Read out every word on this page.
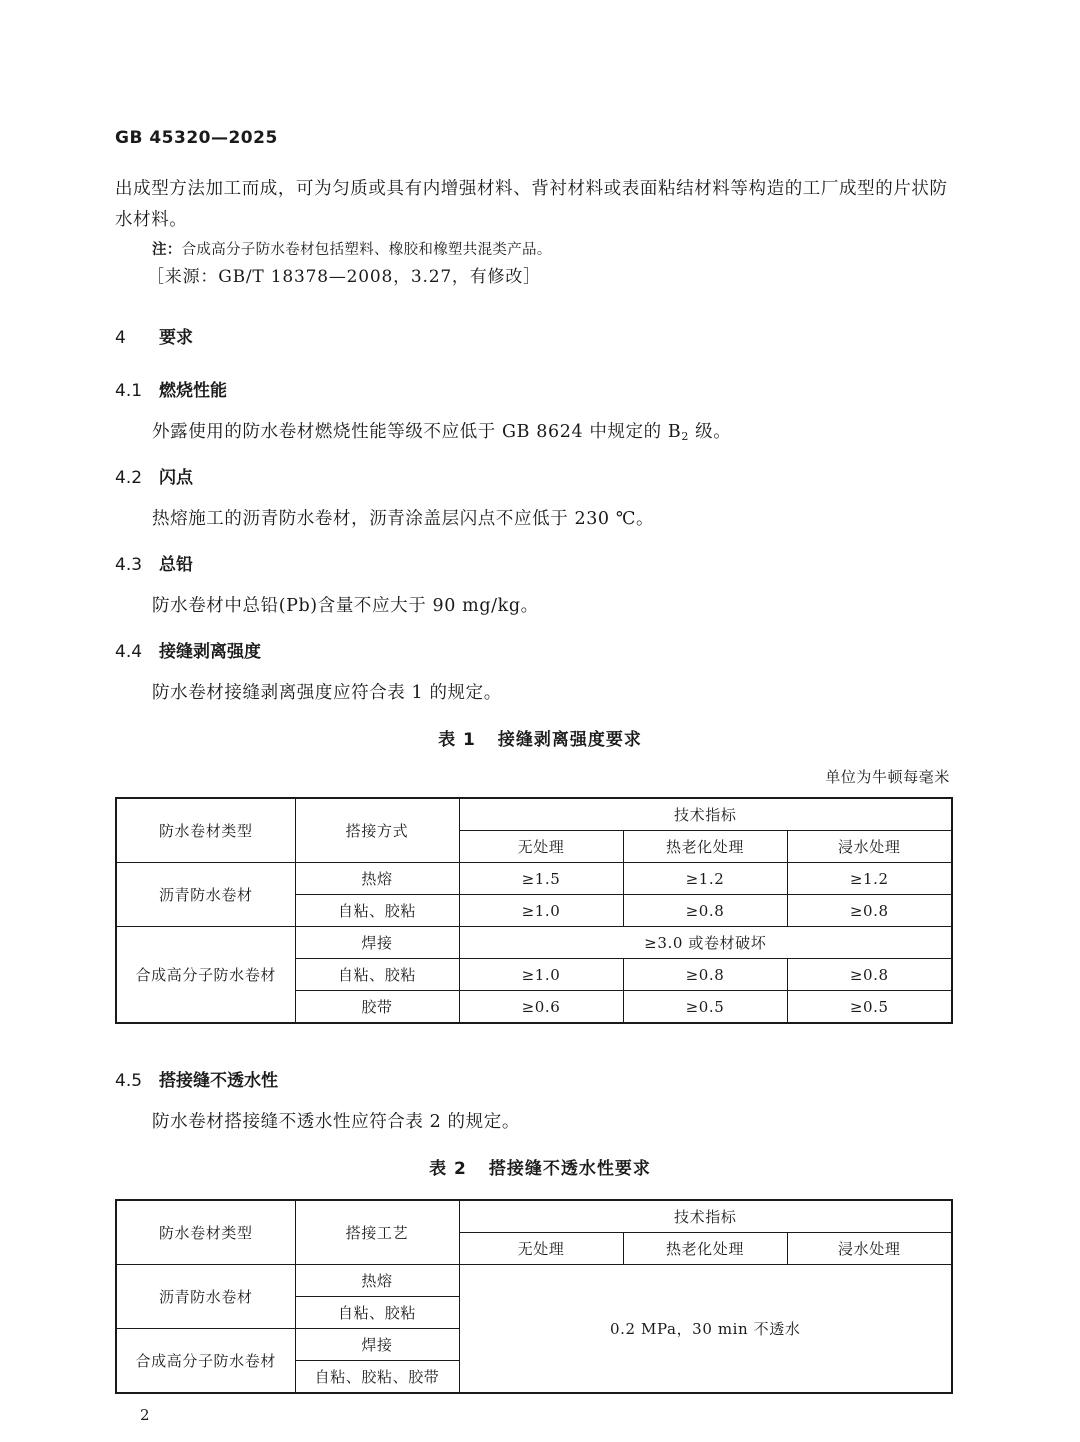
GB 45320—2025
出成型方法加工而成，可为匀质或具有内增强材料、背衬材料或表面粘结材料等构造的工厂成型的片状防水材料。
注：合成高分子防水卷材包括塑料、橡胶和橡塑共混类产品。
［来源：GB/T 18378—2008，3.27，有修改］
4 要求
4.1 燃烧性能
外露使用的防水卷材燃烧性能等级不应低于 GB 8624 中规定的 $B_2$ 级。
4.2 闪点
热熔施工的沥青防水卷材，沥青涂盖层闪点不应低于 230 ℃。
4.3 总铅
防水卷材中总铅(Pb)含量不应大于 90 mg/kg。
4.4 接缝剥离强度
防水卷材接缝剥离强度应符合表 1 的规定。
表 1 接缝剥离强度要求
单位为牛顿每毫米
防水卷材类型	搭接方式	技术指标		
		无处理	热老化处理	浸水处理
沥青防水卷材	热熔	≥1.5	≥1.2	≥1.2
	自粘、胶粘	≥1.0	≥0.8	≥0.8
合成高分子防水卷材	焊接	≥3.0 或卷材破坏		
	自粘、胶粘	≥1.0	≥0.8	≥0.8
	胶带	≥0.6	≥0.5	≥0.5
4.5 搭接缝不透水性
防水卷材搭接缝不透水性应符合表 2 的规定。
表 2 搭接缝不透水性要求
防水卷材类型	搭接工艺	技术指标		
		无处理	热老化处理	浸水处理
沥青防水卷材	热熔	0.2 MPa，30 min 不透水		
	自粘、胶粘			
合成高分子防水卷材	焊接			
	自粘、胶粘、胶带			
2
